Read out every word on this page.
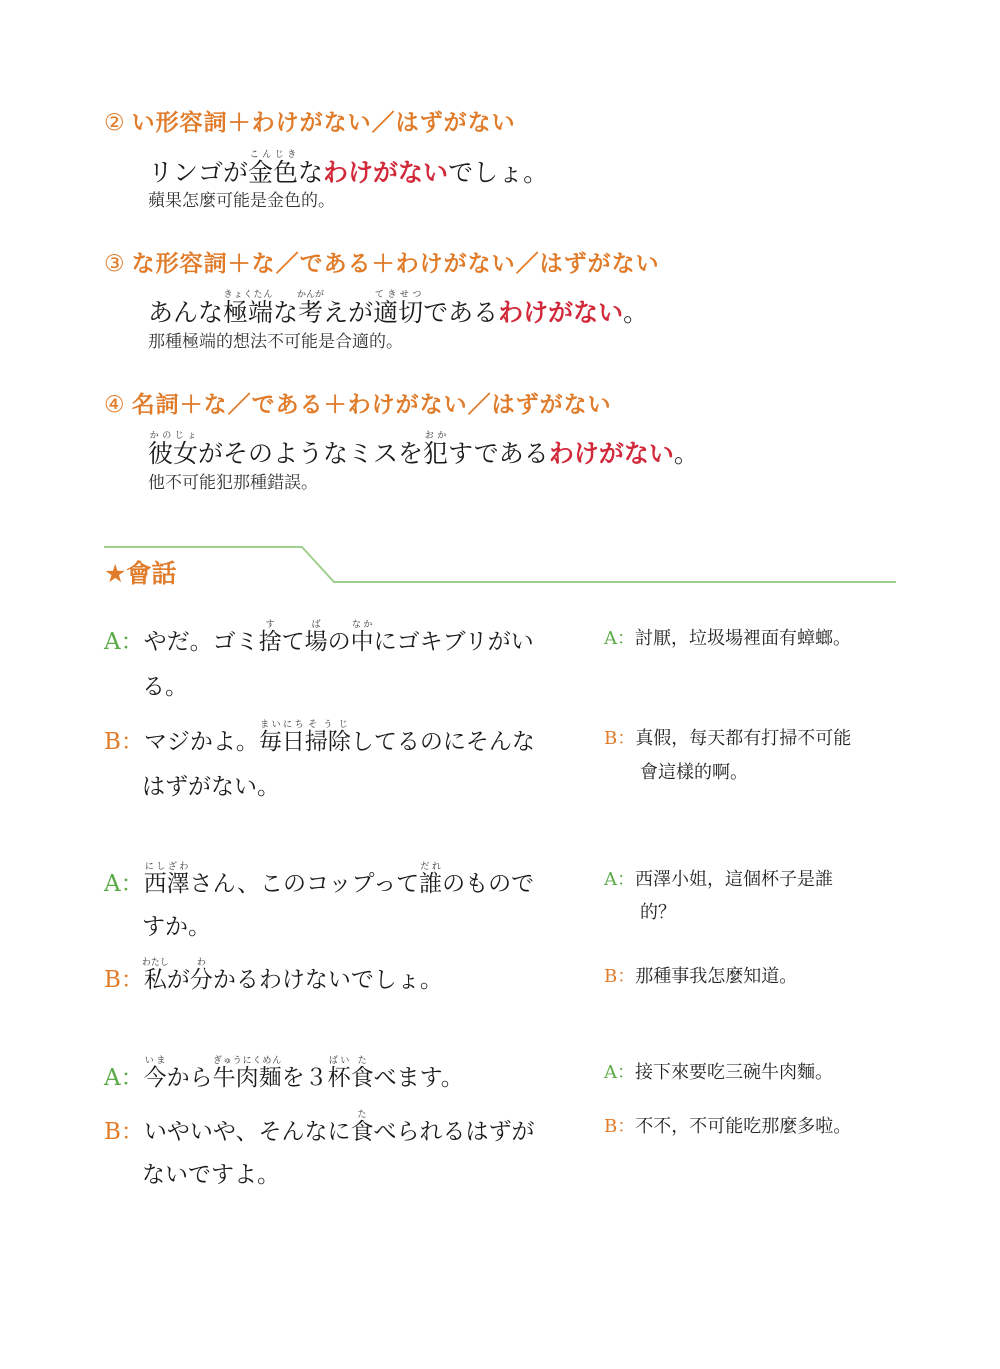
② い形容詞＋わけがない／はずがない
リンゴが金色こんじきなわけがないでしょ。
蘋果怎麼可能是金色的。
③ な形容詞＋な／である＋わけがない／はずがない
あんな極端きょくたんな考かんがえが適切てきせつであるわけがない。
那種極端的想法不可能是合適的。
④ 名詞＋な／である＋わけがない／はずがない
彼女かのじょがそのようなミスを犯おかすであるわけがない。
他不可能犯那種錯誤。
★會話
A：やだ。ゴミ捨すて場ばの中なかにゴキブリがい
る。
A：討厭，垃圾場裡面有蟑螂。
B：マジかよ。毎日まいにち掃除そうじしてるのにそんな
はずがない。
B：真假，每天都有打掃不可能
會這樣的啊。
A：西澤にしざわさん、このコップって誰だれのもので
すか。
A：西澤小姐，這個杯子是誰
的？
B：私わたしが分わかるわけないでしょ。	B：那種事我怎麼知道。
A：今いまから牛肉麺ぎゅうにくめんを３杯ばい食たべます。	A：接下來要吃三碗牛肉麵。
B：いやいや、そんなに食たべられるはずが
ないですよ。
B：不不，不可能吃那麼多啦。
